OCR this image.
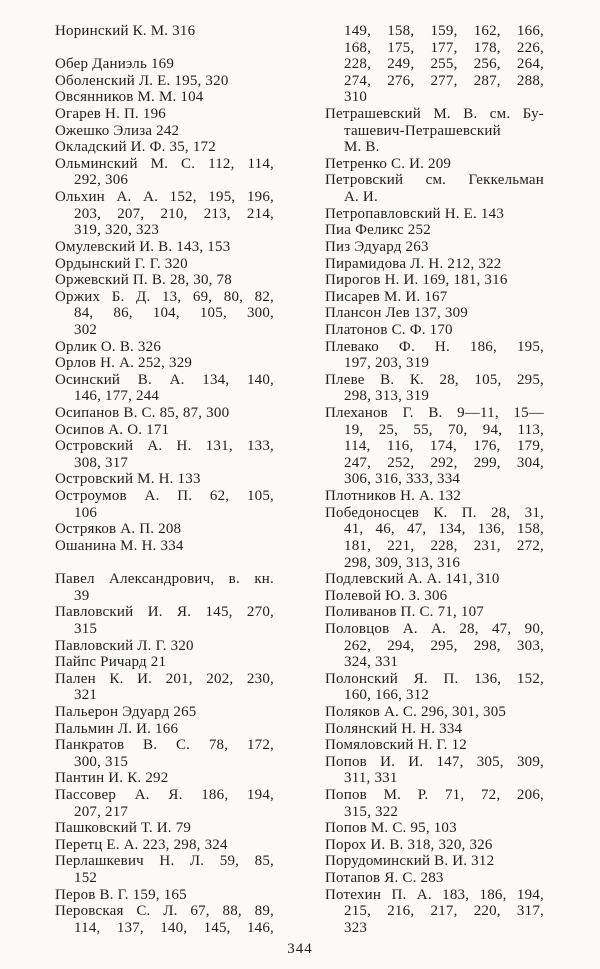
Норинский К. М. 316
Обер Даниэль 169
Оболенский Л. Е. 195, 320
Овсянников М. М. 104
Огарев Н. П. 196
Ожешко Элиза 242
Окладский И. Ф. 35, 172
Ольминский М. С. 112, 114,
292, 306
Ольхин А. А. 152, 195, 196,
203, 207, 210, 213, 214,
319, 320, 323
Омулевский И. В. 143, 153
Ордынский Г. Г. 320
Оржевский П. В. 28, 30, 78
Оржих Б. Д. 13, 69, 80, 82,
84, 86, 104, 105, 300,
302
Орлик О. В. 326
Орлов Н. А. 252, 329
Осинский В. А. 134, 140,
146, 177, 244
Осипанов В. С. 85, 87, 300
Осипов А. О. 171
Островский А. Н. 131, 133,
308, 317
Островский М. Н. 133
Остроумов А. П. 62, 105,
106
Остряков А. П. 208
Ошанина М. Н. 334
Павел Александрович, в. кн.
39
Павловский И. Я. 145, 270,
315
Павловский Л. Г. 320
Пайпс Ричард 21
Пален К. И. 201, 202, 230,
321
Пальерон Эдуард 265
Пальмин Л. И. 166
Панкратов В. С. 78, 172,
300, 315
Пантин И. К. 292
Пассовер А. Я. 186, 194,
207, 217
Пашковский Т. И. 79
Перетц Е. А. 223, 298, 324
Перлашкевич Н. Л. 59, 85,
152
Перов В. Г. 159, 165
Перовская С. Л. 67, 88, 89,
114, 137, 140, 145, 146,
149, 158, 159, 162, 166,
168, 175, 177, 178, 226,
228, 249, 255, 256, 264,
274, 276, 277, 287, 288,
310
Петрашевский М. В. см. Бу-
ташевич-Петрашевский
М. В.
Петренко С. И. 209
Петровский см. Геккельман
А. И.
Петропавловский Н. Е. 143
Пиа Феликс 252
Пиз Эдуард 263
Пирамидова Л. Н. 212, 322
Пирогов Н. И. 169, 181, 316
Писарев М. И. 167
Плансон Лев 137, 309
Платонов С. Ф. 170
Плевако Ф. Н. 186, 195,
197, 203, 319
Плеве В. К. 28, 105, 295,
298, 313, 319
Плеханов Г. В. 9—11, 15—
19, 25, 55, 70, 94, 113,
114, 116, 174, 176, 179,
247, 252, 292, 299, 304,
306, 316, 333, 334
Плотников Н. А. 132
Победоносцев К. П. 28, 31,
41, 46, 47, 134, 136, 158,
181, 221, 228, 231, 272,
298, 309, 313, 316
Подлевский А. А. 141, 310
Полевой Ю. З. 306
Поливанов П. С. 71, 107
Половцов А. А. 28, 47, 90,
262, 294, 295, 298, 303,
324, 331
Полонский Я. П. 136, 152,
160, 166, 312
Поляков А. С. 296, 301, 305
Полянский Н. Н. 334
Помяловский Н. Г. 12
Попов И. И. 147, 305, 309,
311, 331
Попов М. Р. 71, 72, 206,
315, 322
Попов М. С. 95, 103
Порох И. В. 318, 320, 326
Порудоминский В. И. 312
Потапов Я. С. 283
Потехин П. А. 183, 186, 194,
215, 216, 217, 220, 317,
323
344
